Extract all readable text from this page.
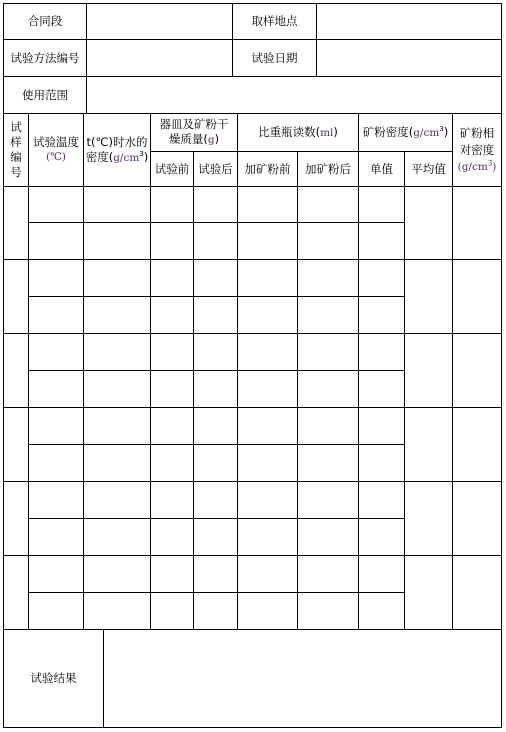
合同段	取样地点
试验方法编号	试验日期
使用范围
试
样
编
号
试验温度
(℃)
t(℃)时水的
密度$(g/cm^3)$
器皿及矿粉干
燥质量(g)
试验前 试验后
比重瓶读数(ml)
加矿粉前 加矿粉后
矿粉密度$(g/cm^3)$
单值 平均值
矿粉相
对密度
$(g/cm^3)$
试验结果
